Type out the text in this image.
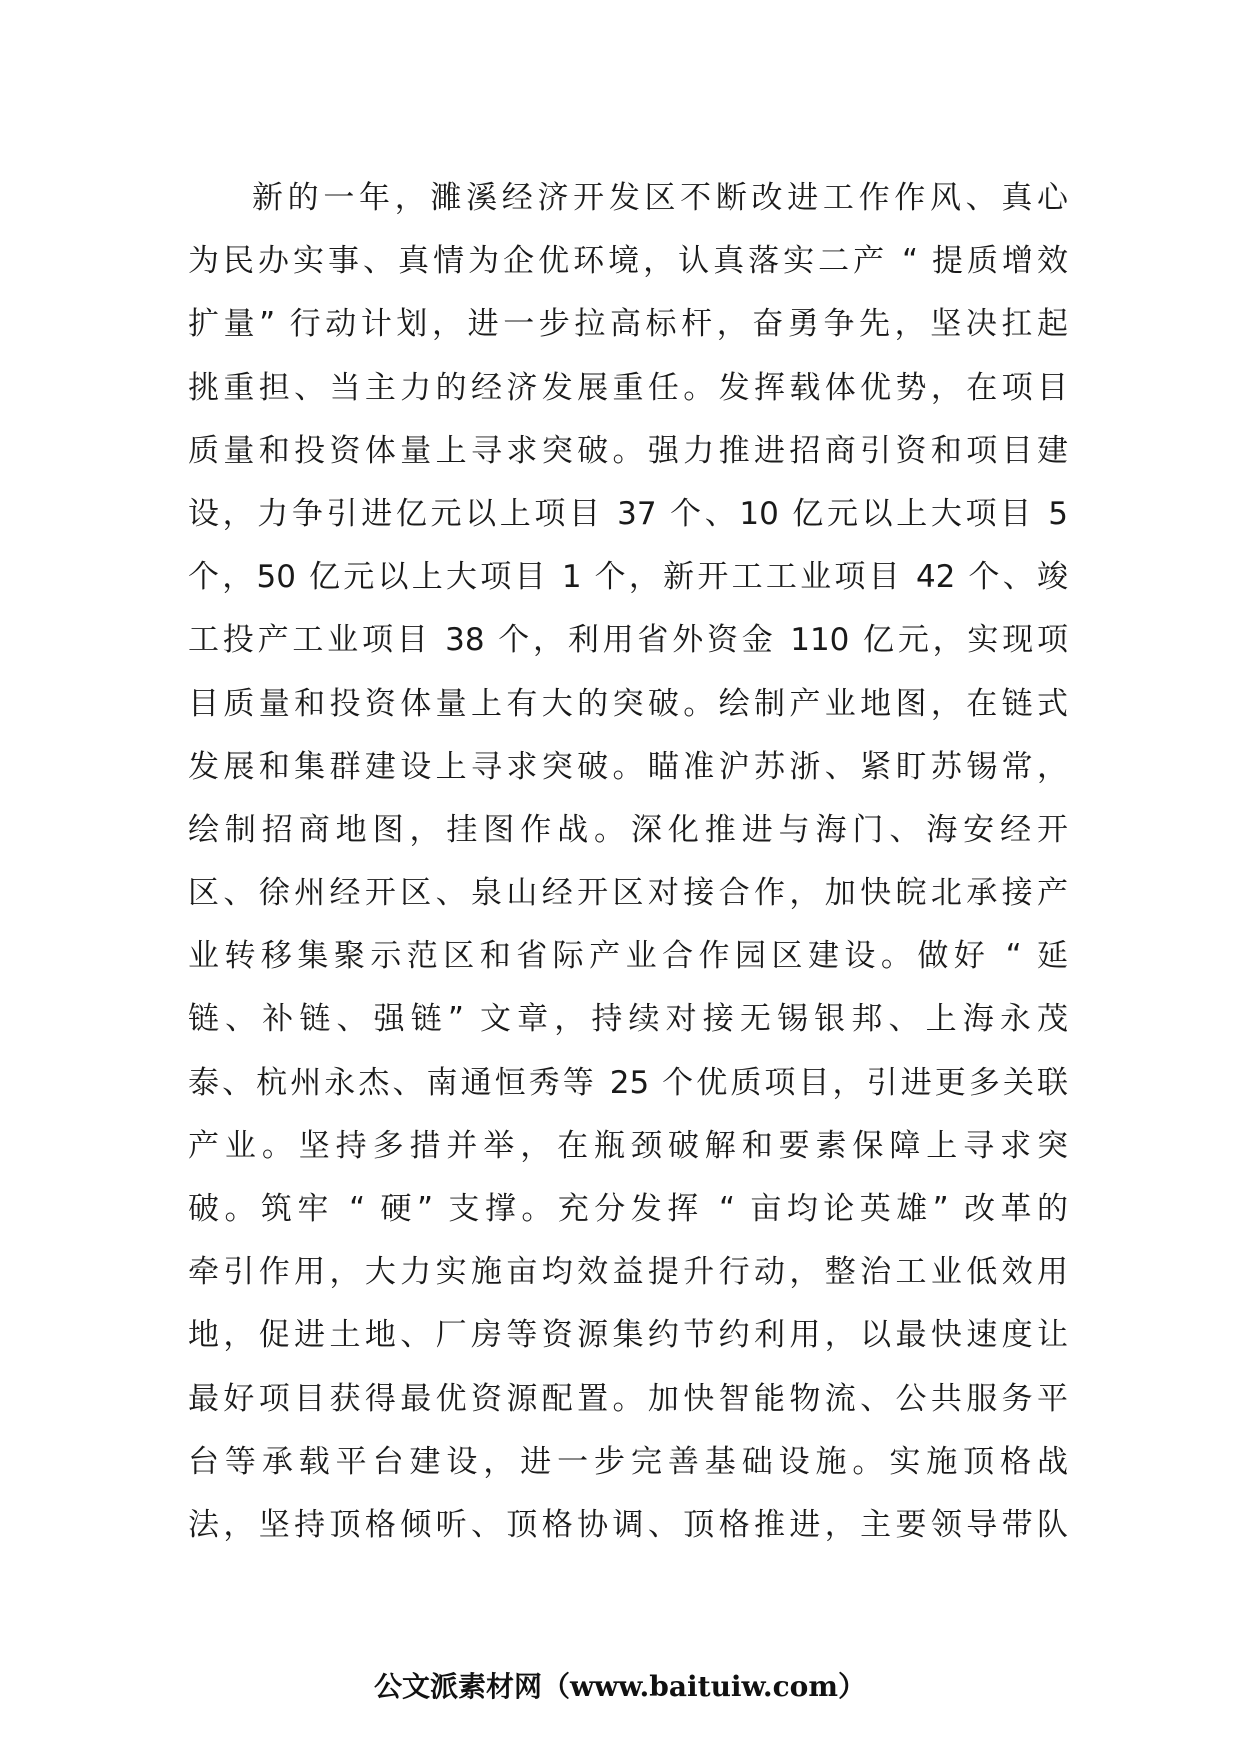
新的一年，濉溪经济开发区不断改进工作作风、真心
为民办实事、真情为企优环境，认真落实二产 “ 提质增效
扩量” 行动计划，进一步拉高标杆，奋勇争先，坚决扛起
挑重担、当主力的经济发展重任。发挥载体优势，在项目
质量和投资体量上寻求突破。强力推进招商引资和项目建
设，力争引进亿元以上项目 37 个、10 亿元以上大项目 5
个，50 亿元以上大项目 1 个，新开工工业项目 42 个、竣
工投产工业项目 38 个，利用省外资金 110 亿元，实现项
目质量和投资体量上有大的突破。绘制产业地图，在链式
发展和集群建设上寻求突破。瞄准沪苏浙、紧盯苏锡常，
绘制招商地图，挂图作战。深化推进与海门、海安经开
区、徐州经开区、泉山经开区对接合作，加快皖北承接产
业转移集聚示范区和省际产业合作园区建设。做好 “ 延
链、补链、强链” 文章，持续对接无锡银邦、上海永茂
泰、杭州永杰、南通恒秀等 25 个优质项目，引进更多关联
产业。坚持多措并举，在瓶颈破解和要素保障上寻求突
破。筑牢 “ 硬” 支撑。充分发挥 “ 亩均论英雄” 改革的
牵引作用，大力实施亩均效益提升行动，整治工业低效用
地，促进土地、厂房等资源集约节约利用，以最快速度让
最好项目获得最优资源配置。加快智能物流、公共服务平
台等承载平台建设，进一步完善基础设施。实施顶格战
法，坚持顶格倾听、顶格协调、顶格推进，主要领导带队
公文派素材网（www.baituiw.com）
